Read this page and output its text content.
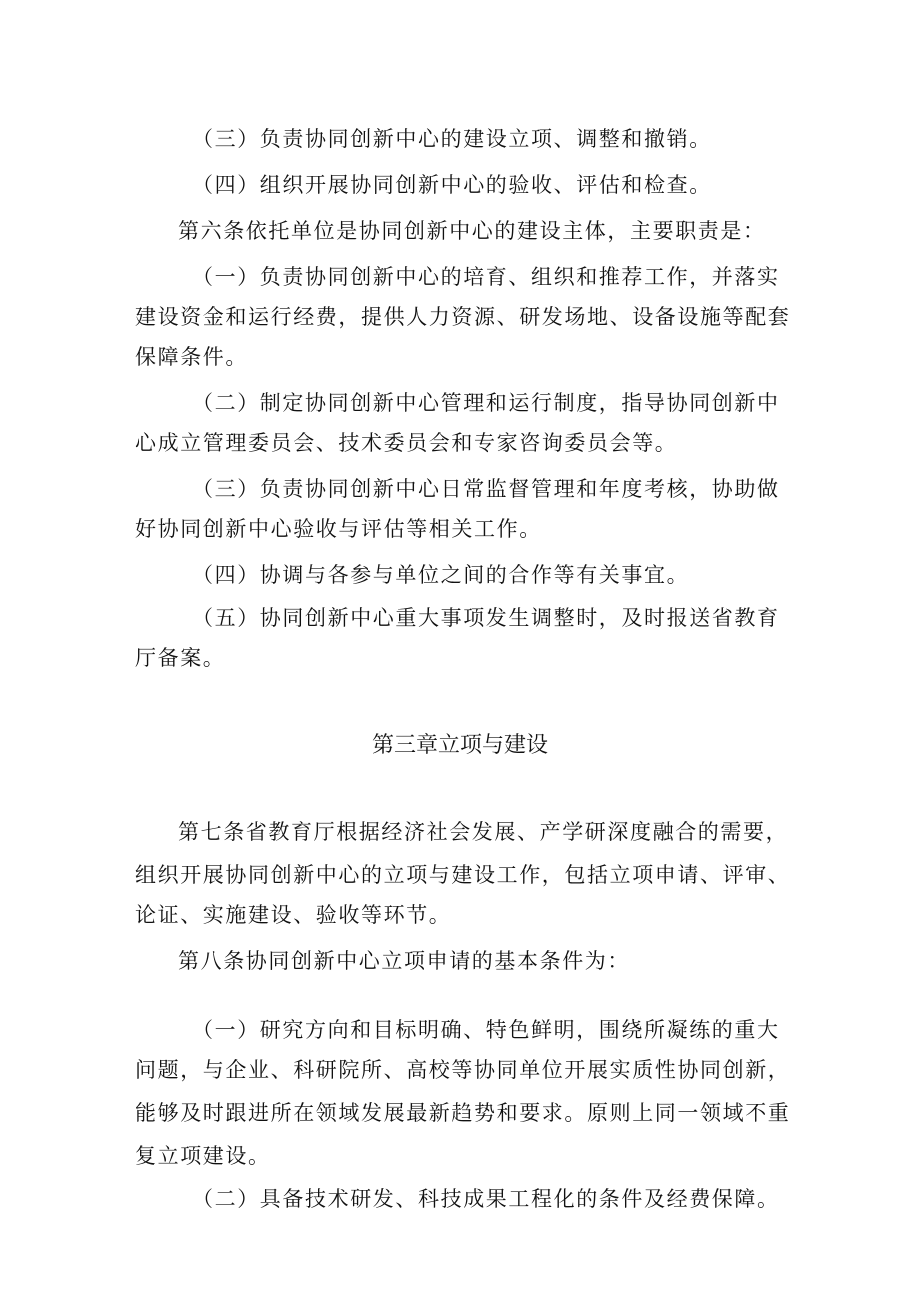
（三）负责协同创新中心的建设立项、调整和撤销。
（四）组织开展协同创新中心的验收、评估和检查。
第六条依托单位是协同创新中心的建设主体，主要职责是：
（一）负责协同创新中心的培育、组织和推荐工作，并落实
建设资金和运行经费，提供人力资源、研发场地、设备设施等配套
保障条件。
（二）制定协同创新中心管理和运行制度，指导协同创新中
心成立管理委员会、技术委员会和专家咨询委员会等。
（三）负责协同创新中心日常监督管理和年度考核，协助做
好协同创新中心验收与评估等相关工作。
（四）协调与各参与单位之间的合作等有关事宜。
（五）协同创新中心重大事项发生调整时，及时报送省教育
厅备案。
第三章立项与建设
第七条省教育厅根据经济社会发展、产学研深度融合的需要，
组织开展协同创新中心的立项与建设工作，包括立项申请、评审、
论证、实施建设、验收等环节。
第八条协同创新中心立项申请的基本条件为：
（一）研究方向和目标明确、特色鲜明，围绕所凝练的重大
问题，与企业、科研院所、高校等协同单位开展实质性协同创新，
能够及时跟进所在领域发展最新趋势和要求。原则上同一领域不重
复立项建设。
（二）具备技术研发、科技成果工程化的条件及经费保障。
